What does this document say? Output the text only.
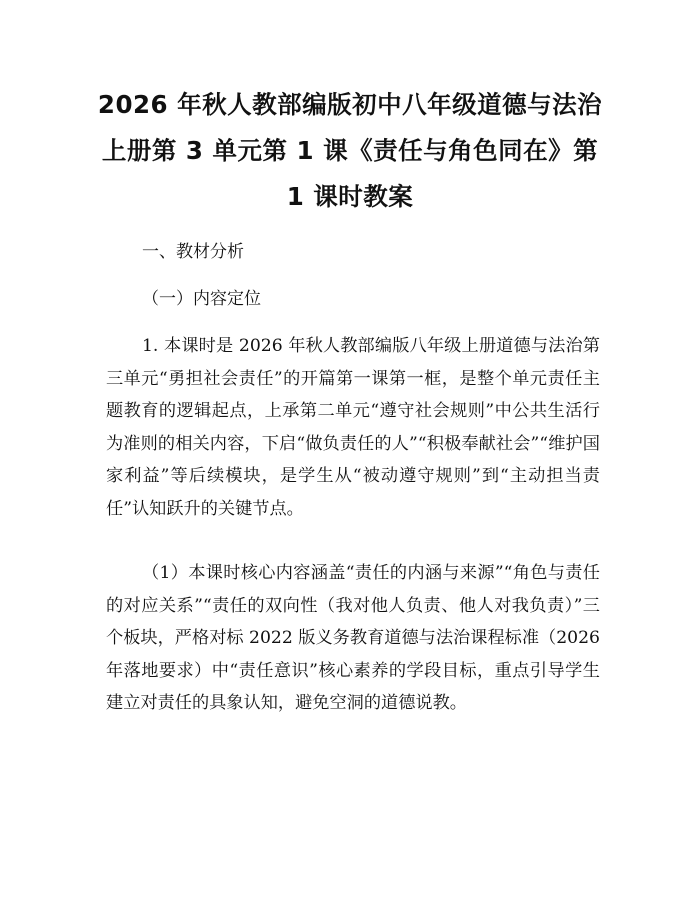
2026 年秋人教部编版初中八年级道德与法治
上册第 3 单元第 1 课《责任与角色同在》第
1 课时教案
一、教材分析
（一）内容定位

1. 本课时是 2026 年秋人教部编版八年级上册道德与法治第三单元“勇担社会责任”的开篇第一课第一框，是整个单元责任主题教育的逻辑起点，上承第二单元“遵守社会规则”中公共生活行为准则的相关内容，下启“做负责任的人”“积极奉献社会”“维护国家利益”等后续模块，是学生从“被动遵守规则”到“主动担当责任”认知跃升的关键节点。

（1）本课时核心内容涵盖“责任的内涵与来源”“角色与责任的对应关系”“责任的双向性（我对他人负责、他人对我负责）”三个板块，严格对标 2022 版义务教育道德与法治课程标准（2026 年落地要求）中“责任意识”核心素养的学段目标，重点引导学生建立对责任的具象认知，避免空洞的道德说教。
